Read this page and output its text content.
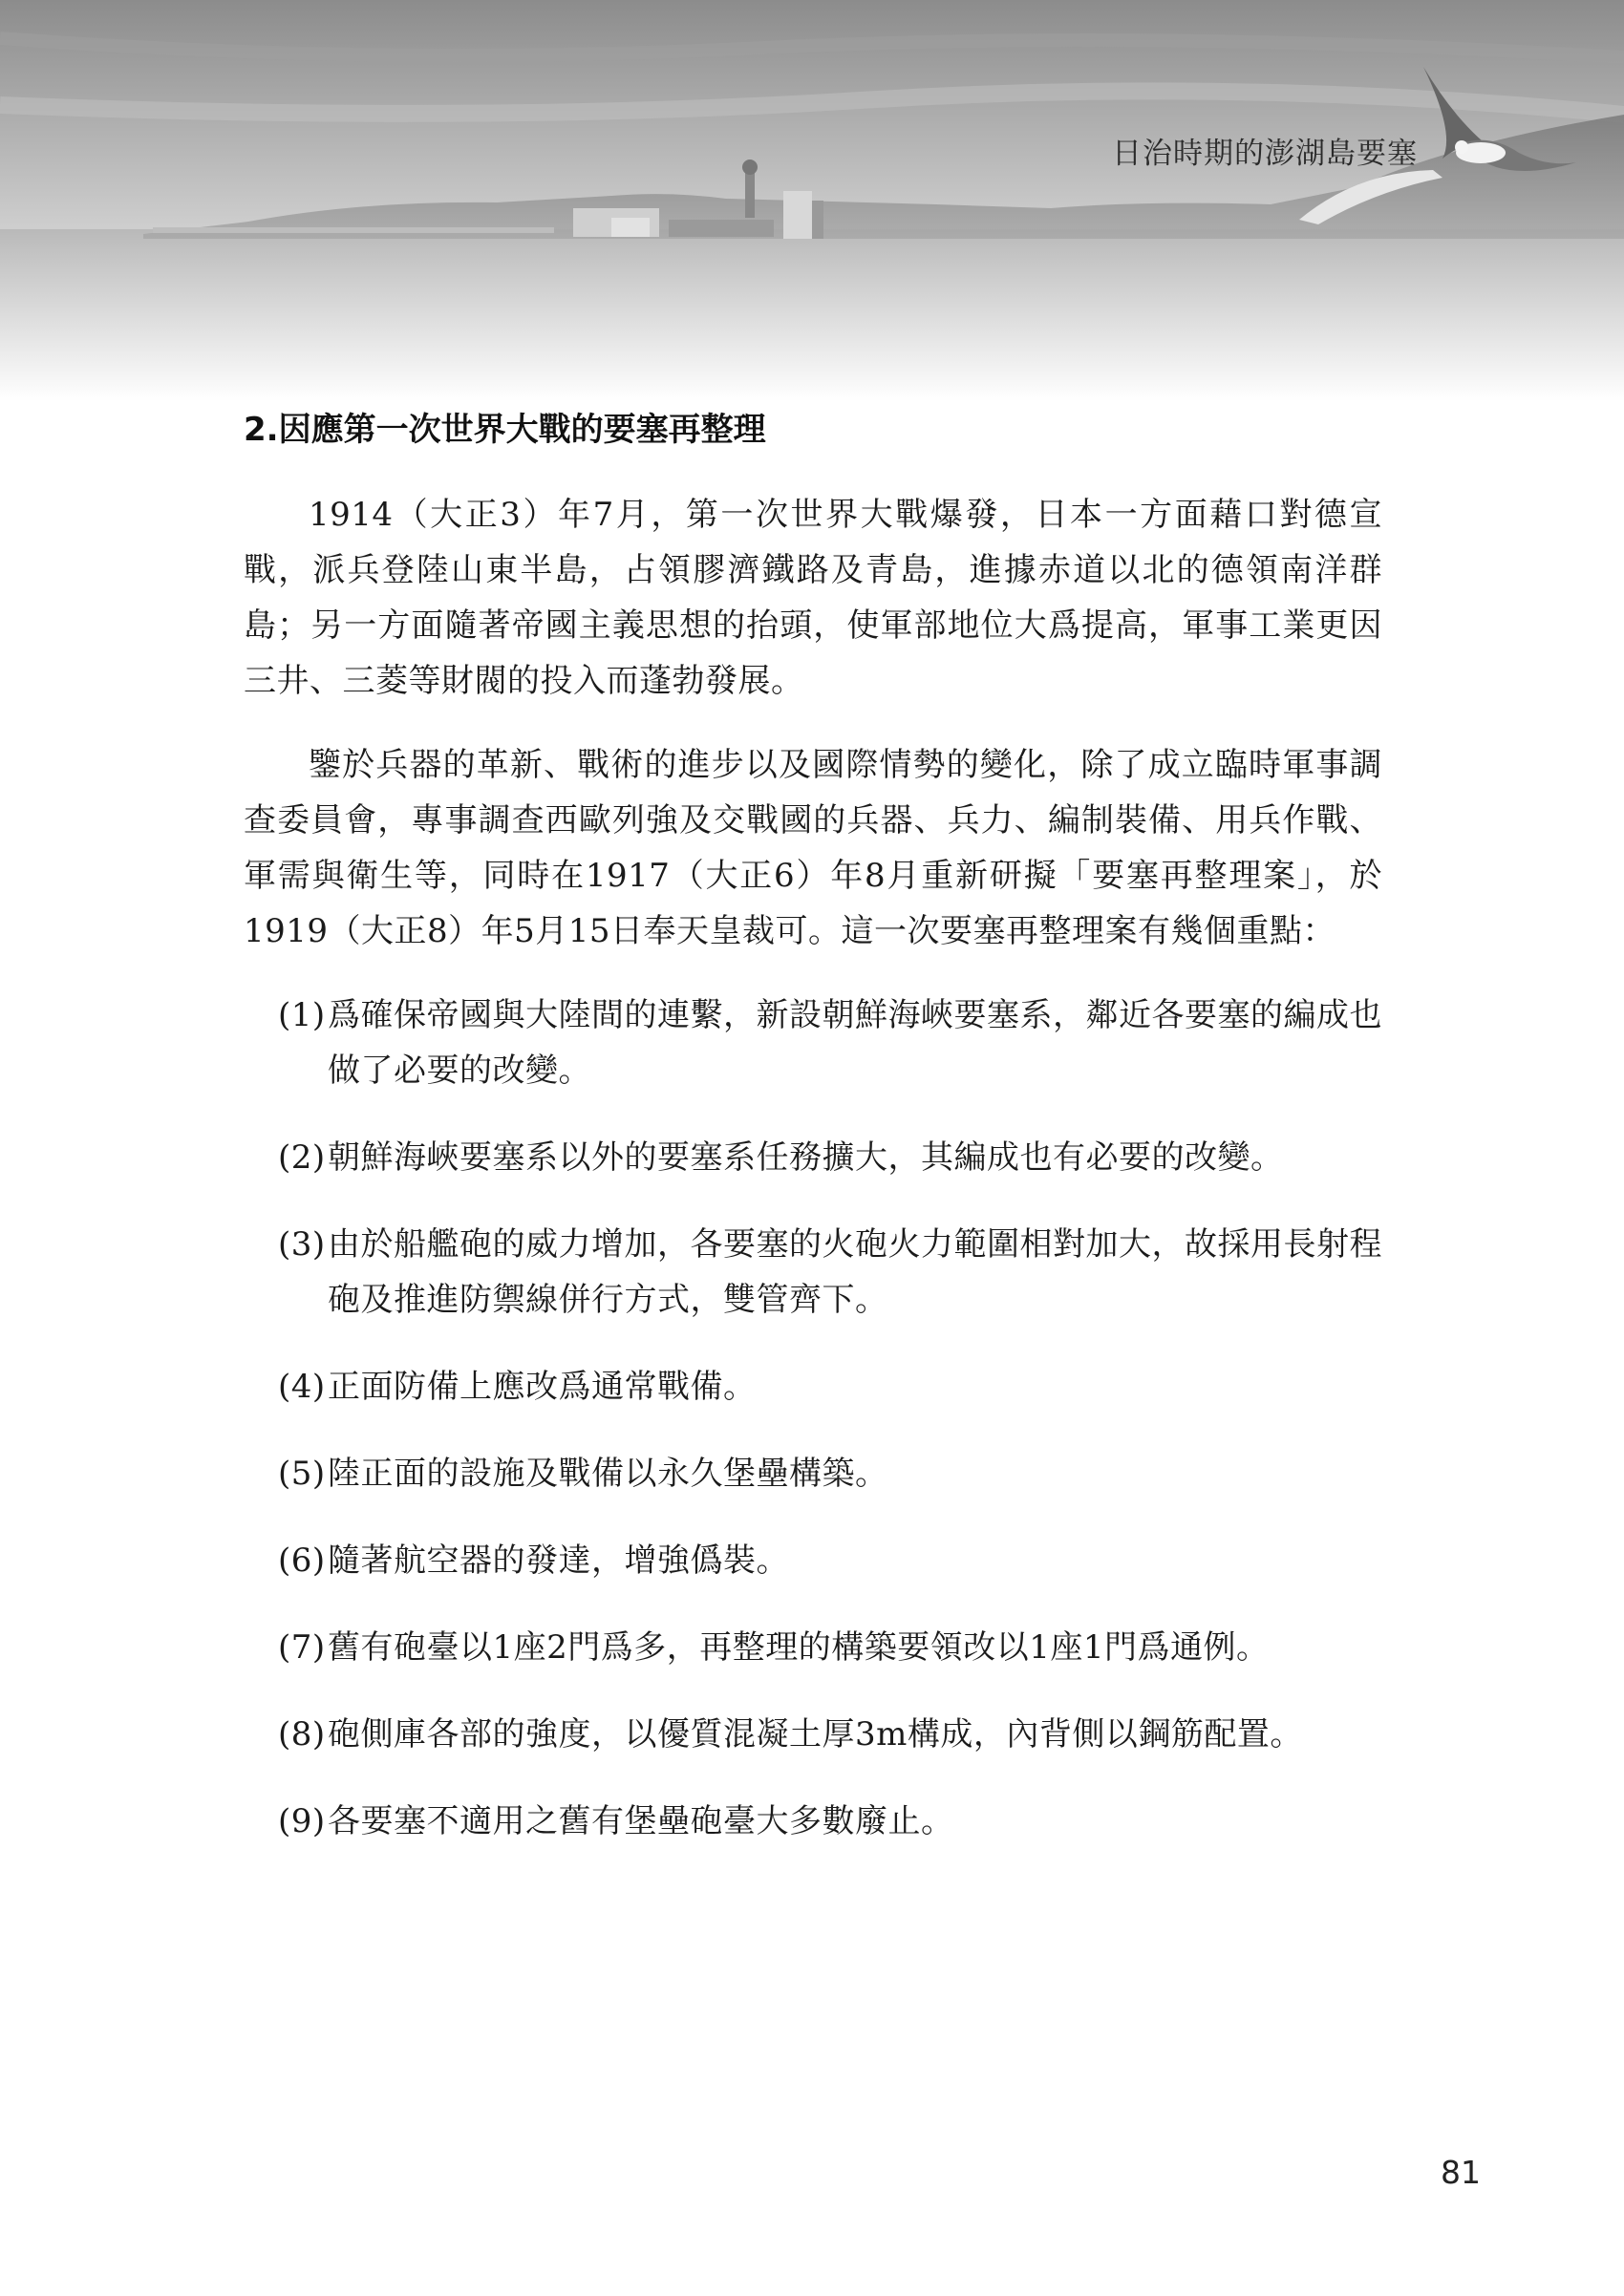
日治時期的澎湖島要塞
2.因應第一次世界大戰的要塞再整理

1914（大正3）年7月，第一次世界大戰爆發，日本一方面藉口對德宣戰，派兵登陸山東半島，占領膠濟鐵路及青島，進據赤道以北的德領南洋群島；另一方面隨著帝國主義思想的抬頭，使軍部地位大爲提高，軍事工業更因三井、三菱等財閥的投入而蓬勃發展。

鑒於兵器的革新、戰術的進步以及國際情勢的變化，除了成立臨時軍事調查委員會，專事調查西歐列強及交戰國的兵器、兵力、編制裝備、用兵作戰、軍需與衛生等，同時在1917（大正6）年8月重新研擬「要塞再整理案」，於1919（大正8）年5月15日奉天皇裁可。這一次要塞再整理案有幾個重點：

(1) 爲確保帝國與大陸間的連繫，新設朝鮮海峽要塞系，鄰近各要塞的編成也做了必要的改變。
(2) 朝鮮海峽要塞系以外的要塞系任務擴大，其編成也有必要的改變。
(3) 由於船艦砲的威力增加，各要塞的火砲火力範圍相對加大，故採用長射程砲及推進防禦線併行方式，雙管齊下。
(4) 正面防備上應改爲通常戰備。
(5) 陸正面的設施及戰備以永久堡壘構築。
(6) 隨著航空器的發達，增強僞裝。
(7) 舊有砲臺以1座2門爲多，再整理的構築要領改以1座1門爲通例。
(8) 砲側庫各部的強度，以優質混凝土厚3m構成，內背側以鋼筋配置。
(9) 各要塞不適用之舊有堡壘砲臺大多數廢止。
81
